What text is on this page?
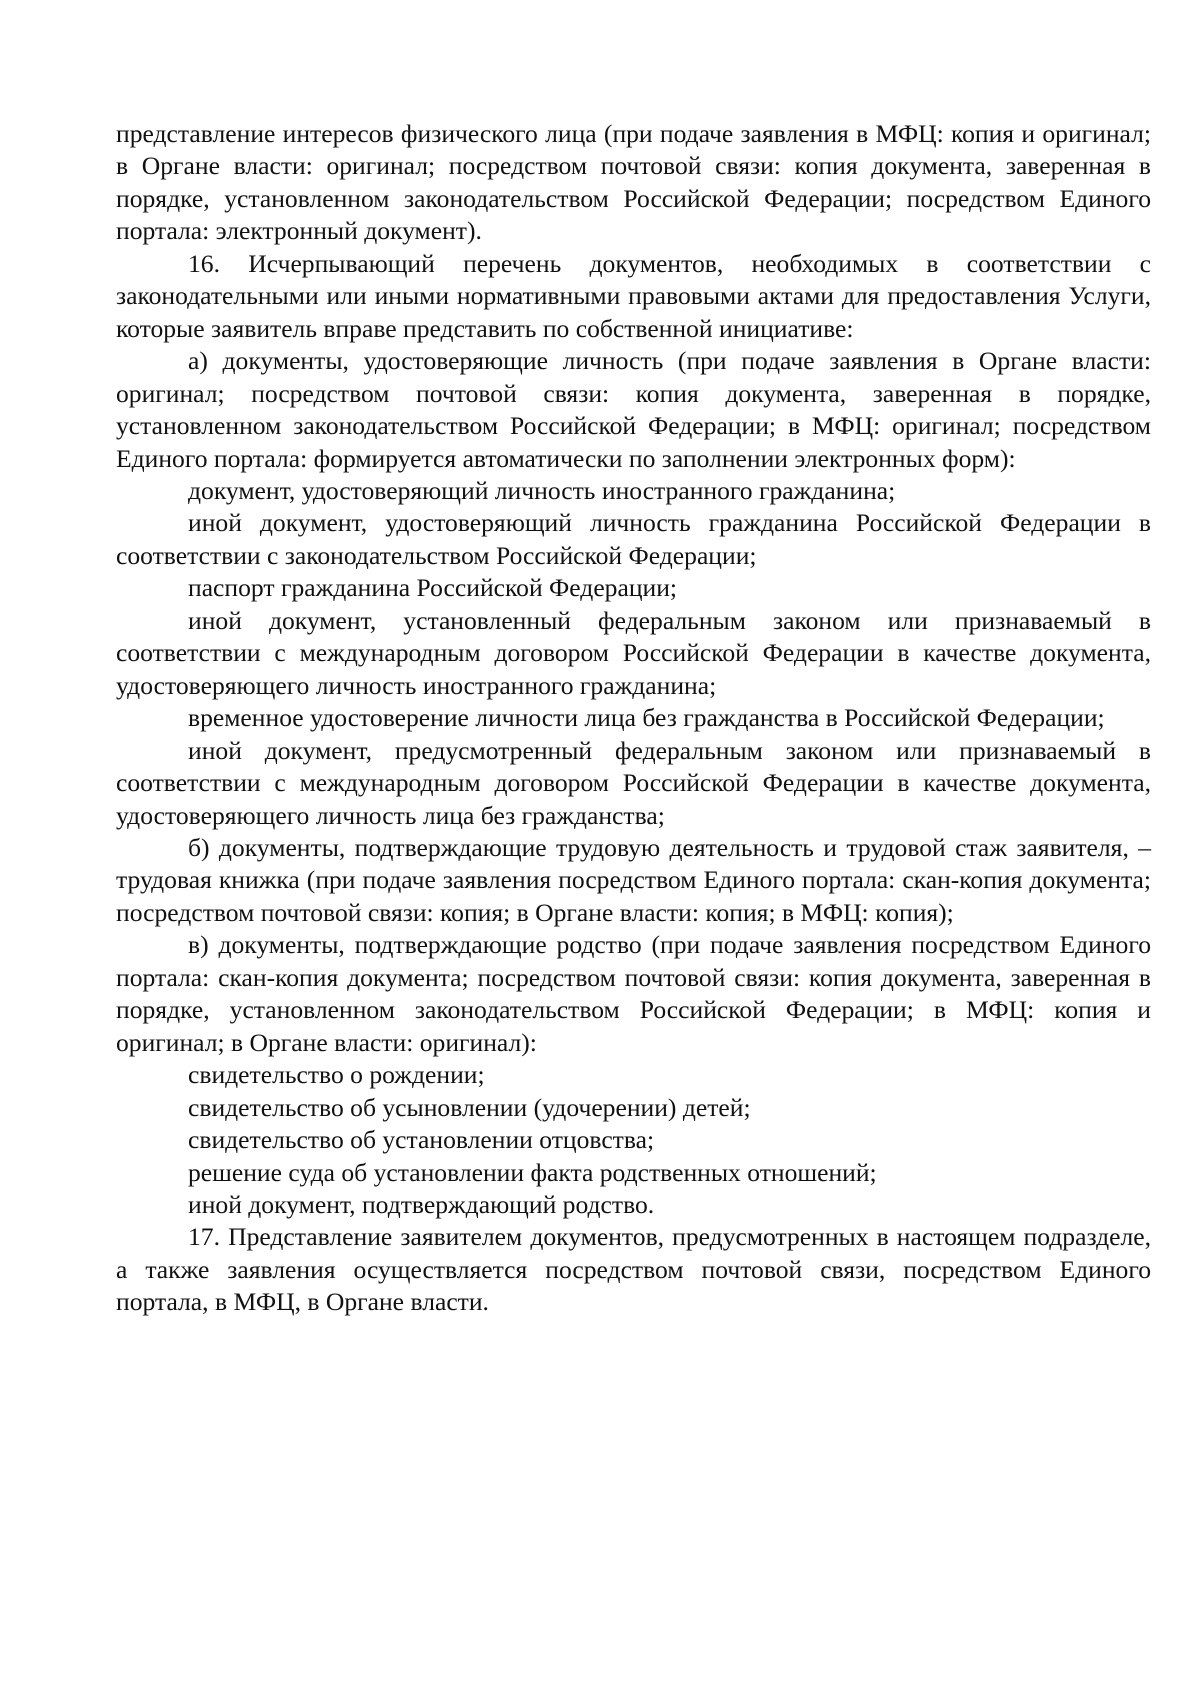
представление интересов физического лица (при подаче заявления в МФЦ: копия и оригинал; в Органе власти: оригинал; посредством почтовой связи: копия документа, заверенная в порядке, установленном законодательством Российской Федерации; посредством Единого портала: электронный документ).

16. Исчерпывающий перечень документов, необходимых в соответствии с законодательными или иными нормативными правовыми актами для предоставления Услуги, которые заявитель вправе представить по собственной инициативе:

а) документы, удостоверяющие личность (при подаче заявления в Органе власти: оригинал; посредством почтовой связи: копия документа, заверенная в порядке, установленном законодательством Российской Федерации; в МФЦ: оригинал; посредством Единого портала: формируется автоматически по заполнении электронных форм):

документ, удостоверяющий личность иностранного гражданина;

иной документ, удостоверяющий личность гражданина Российской Федерации в соответствии с законодательством Российской Федерации;

паспорт гражданина Российской Федерации;

иной документ, установленный федеральным законом или признаваемый в соответствии с международным договором Российской Федерации в качестве документа, удостоверяющего личность иностранного гражданина;

временное удостоверение личности лица без гражданства в Российской Федерации;

иной документ, предусмотренный федеральным законом или признаваемый в соответствии с международным договором Российской Федерации в качестве документа, удостоверяющего личность лица без гражданства;

б) документы, подтверждающие трудовую деятельность и трудовой стаж заявителя, – трудовая книжка (при подаче заявления посредством Единого портала: скан-копия документа; посредством почтовой связи: копия; в Органе власти: копия; в МФЦ: копия);

в) документы, подтверждающие родство (при подаче заявления посредством Единого портала: скан-копия документа; посредством почтовой связи: копия документа, заверенная в порядке, установленном законодательством Российской Федерации; в МФЦ: копия и оригинал; в Органе власти: оригинал):

свидетельство о рождении;

свидетельство об усыновлении (удочерении) детей;

свидетельство об установлении отцовства;

решение суда об установлении факта родственных отношений;

иной документ, подтверждающий родство.

17. Представление заявителем документов, предусмотренных в настоящем подразделе, а также заявления осуществляется посредством почтовой связи, посредством Единого портала, в МФЦ, в Органе власти.
